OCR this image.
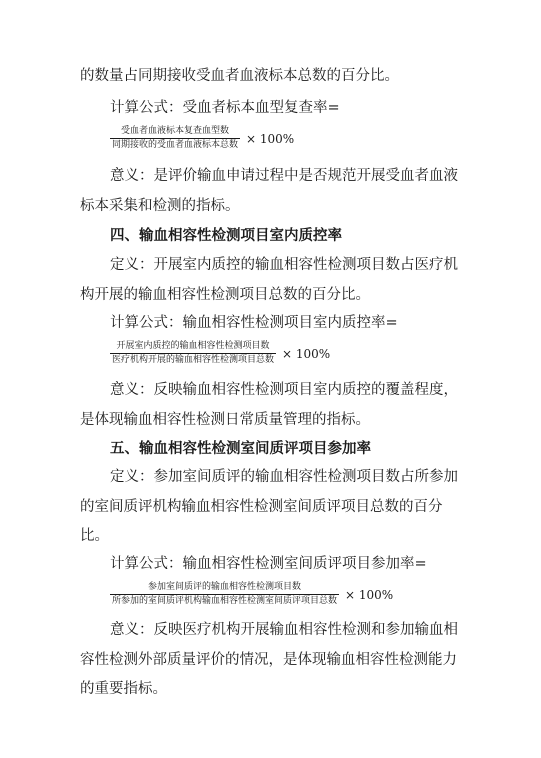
的数量占同期接收受血者血液标本总数的百分比。
计算公式：受血者标本血型复查率=
$\frac{\text{受血者血液标本复查血型数}}{\text{同期接收的受血者血液标本总数}} \times 100\%$
意义：是评价输血申请过程中是否规范开展受血者血液
标本采集和检测的指标。
四、输血相容性检测项目室内质控率
定义：开展室内质控的输血相容性检测项目数占医疗机
构开展的输血相容性检测项目总数的百分比。
计算公式：输血相容性检测项目室内质控率=
$\frac{\text{开展室内质控的输血相容性检测项目数}}{\text{医疗机构开展的输血相容性检测项目总数}} \times 100\%$
意义：反映输血相容性检测项目室内质控的覆盖程度，
是体现输血相容性检测日常质量管理的指标。
五、输血相容性检测室间质评项目参加率
定义：参加室间质评的输血相容性检测项目数占所参加
的室间质评机构输血相容性检测室间质评项目总数的百分
比。
计算公式：输血相容性检测室间质评项目参加率=
$\frac{\text{参加室间质评的输血相容性检测项目数}}{\text{所参加的室间质评机构输血相容性检测室间质评项目总数}} \times 100\%$
意义：反映医疗机构开展输血相容性检测和参加输血相
容性检测外部质量评价的情况，是体现输血相容性检测能力
的重要指标。
